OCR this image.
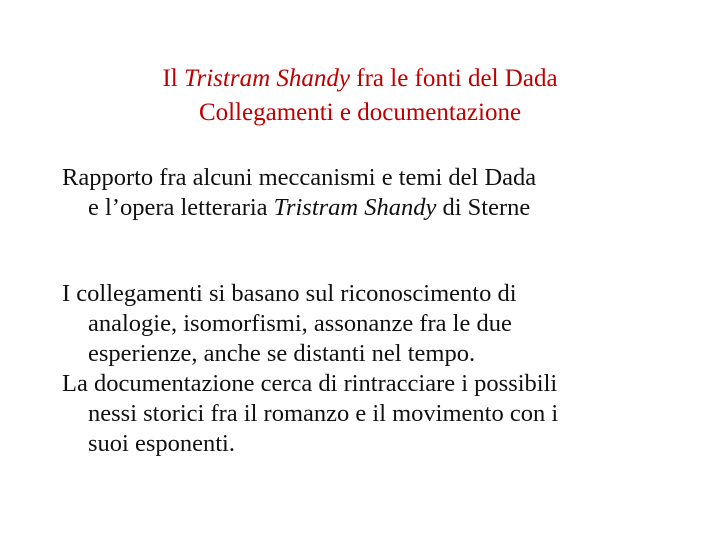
Il Tristram Shandy fra le fonti del Dada
Collegamenti e documentazione
Rapporto fra alcuni meccanismi e temi del Dada
e l’opera letteraria Tristram Shandy di Sterne
I collegamenti si basano sul riconoscimento di
analogie, isomorfismi, assonanze fra le due
esperienze, anche se distanti nel tempo.
La documentazione cerca di rintracciare i possibili
nessi storici fra il romanzo e il movimento con i
suoi esponenti.
